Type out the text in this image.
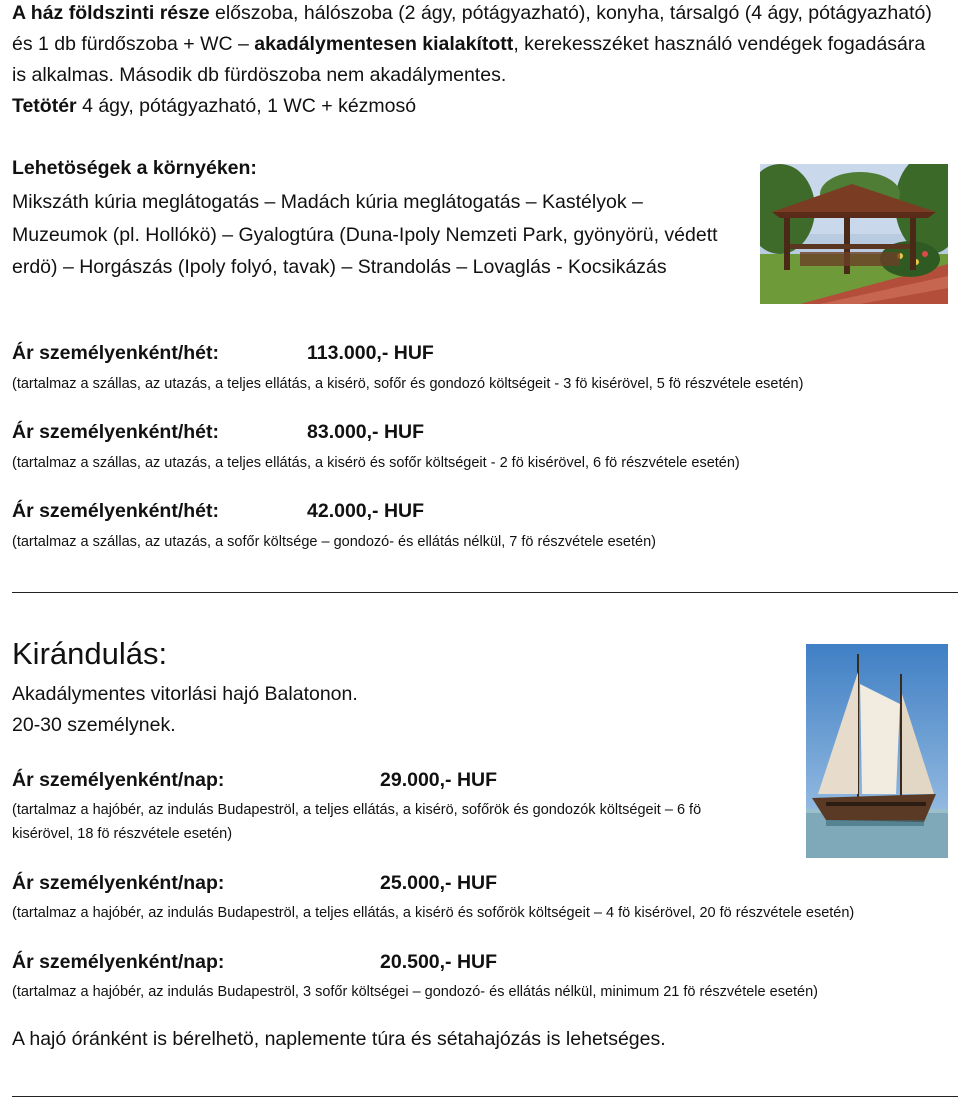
A ház földszinti része előszoba, hálószoba (2 ágy, pótágyazható), konyha, társalgó (4 ágy, pótágyazható) és 1 db fürdőszoba + WC – akadálymentesen kialakított, kerekesszéket használó vendégek fogadására is alkalmas. Második db fürdöszoba nem akadálymentes.
Tetötér 4 ágy, pótágyazható, 1 WC + kézmosó
Lehetöségek a környéken:
Mikszáth kúria meglátogatás – Madách kúria meglátogatás – Kastélyok – Muzeumok (pl. Hollókö) – Gyalogtúra (Duna-Ipoly Nemzeti Park, gyönyörü, védett erdö) – Horgászás (Ipoly folyó, tavak) – Strandolás – Lovaglás - Kocsikázás
Ár személyenként/hét:	113.000,- HUF
(tartalmaz a szállas, az utazás, a teljes ellátás, a kisérö, sofőr és gondozó költségeit - 3 fö kisérövel, 5 fö részvétele esetén)
Ár személyenként/hét:	83.000,- HUF
(tartalmaz a szállas, az utazás, a teljes ellátás, a kisérö és sofőr költségeit - 2 fö kisérövel, 6 fö részvétele esetén)
Ár személyenként/hét:	42.000,- HUF
(tartalmaz a szállas, az utazás, a sofőr költsége – gondozó- és ellátás nélkül, 7 fö részvétele esetén)
Kirándulás:
Akadálymentes vitorlási hajó Balatonon.
20-30 személynek.
Ár személyenként/nap:	29.000,- HUF
(tartalmaz a hajóbér, az indulás Budapeströl, a teljes ellátás, a kisérö, sofőrök és gondozók költségeit – 6 fö kisérövel, 18 fö részvétele esetén)
Ár személyenként/nap:	25.000,- HUF
(tartalmaz a hajóbér, az indulás Budapeströl, a teljes ellátás, a kisérö és sofőrök költségeit – 4 fö kisérövel, 20 fö részvétele esetén)
Ár személyenként/nap:	20.500,- HUF
(tartalmaz a hajóbér, az indulás Budapeströl, 3 sofőr költségei – gondozó- és ellátás nélkül, minimum 21 fö részvétele esetén)
A hajó óránként is bérelhetö, naplemente túra és sétahajózás is lehetséges.
